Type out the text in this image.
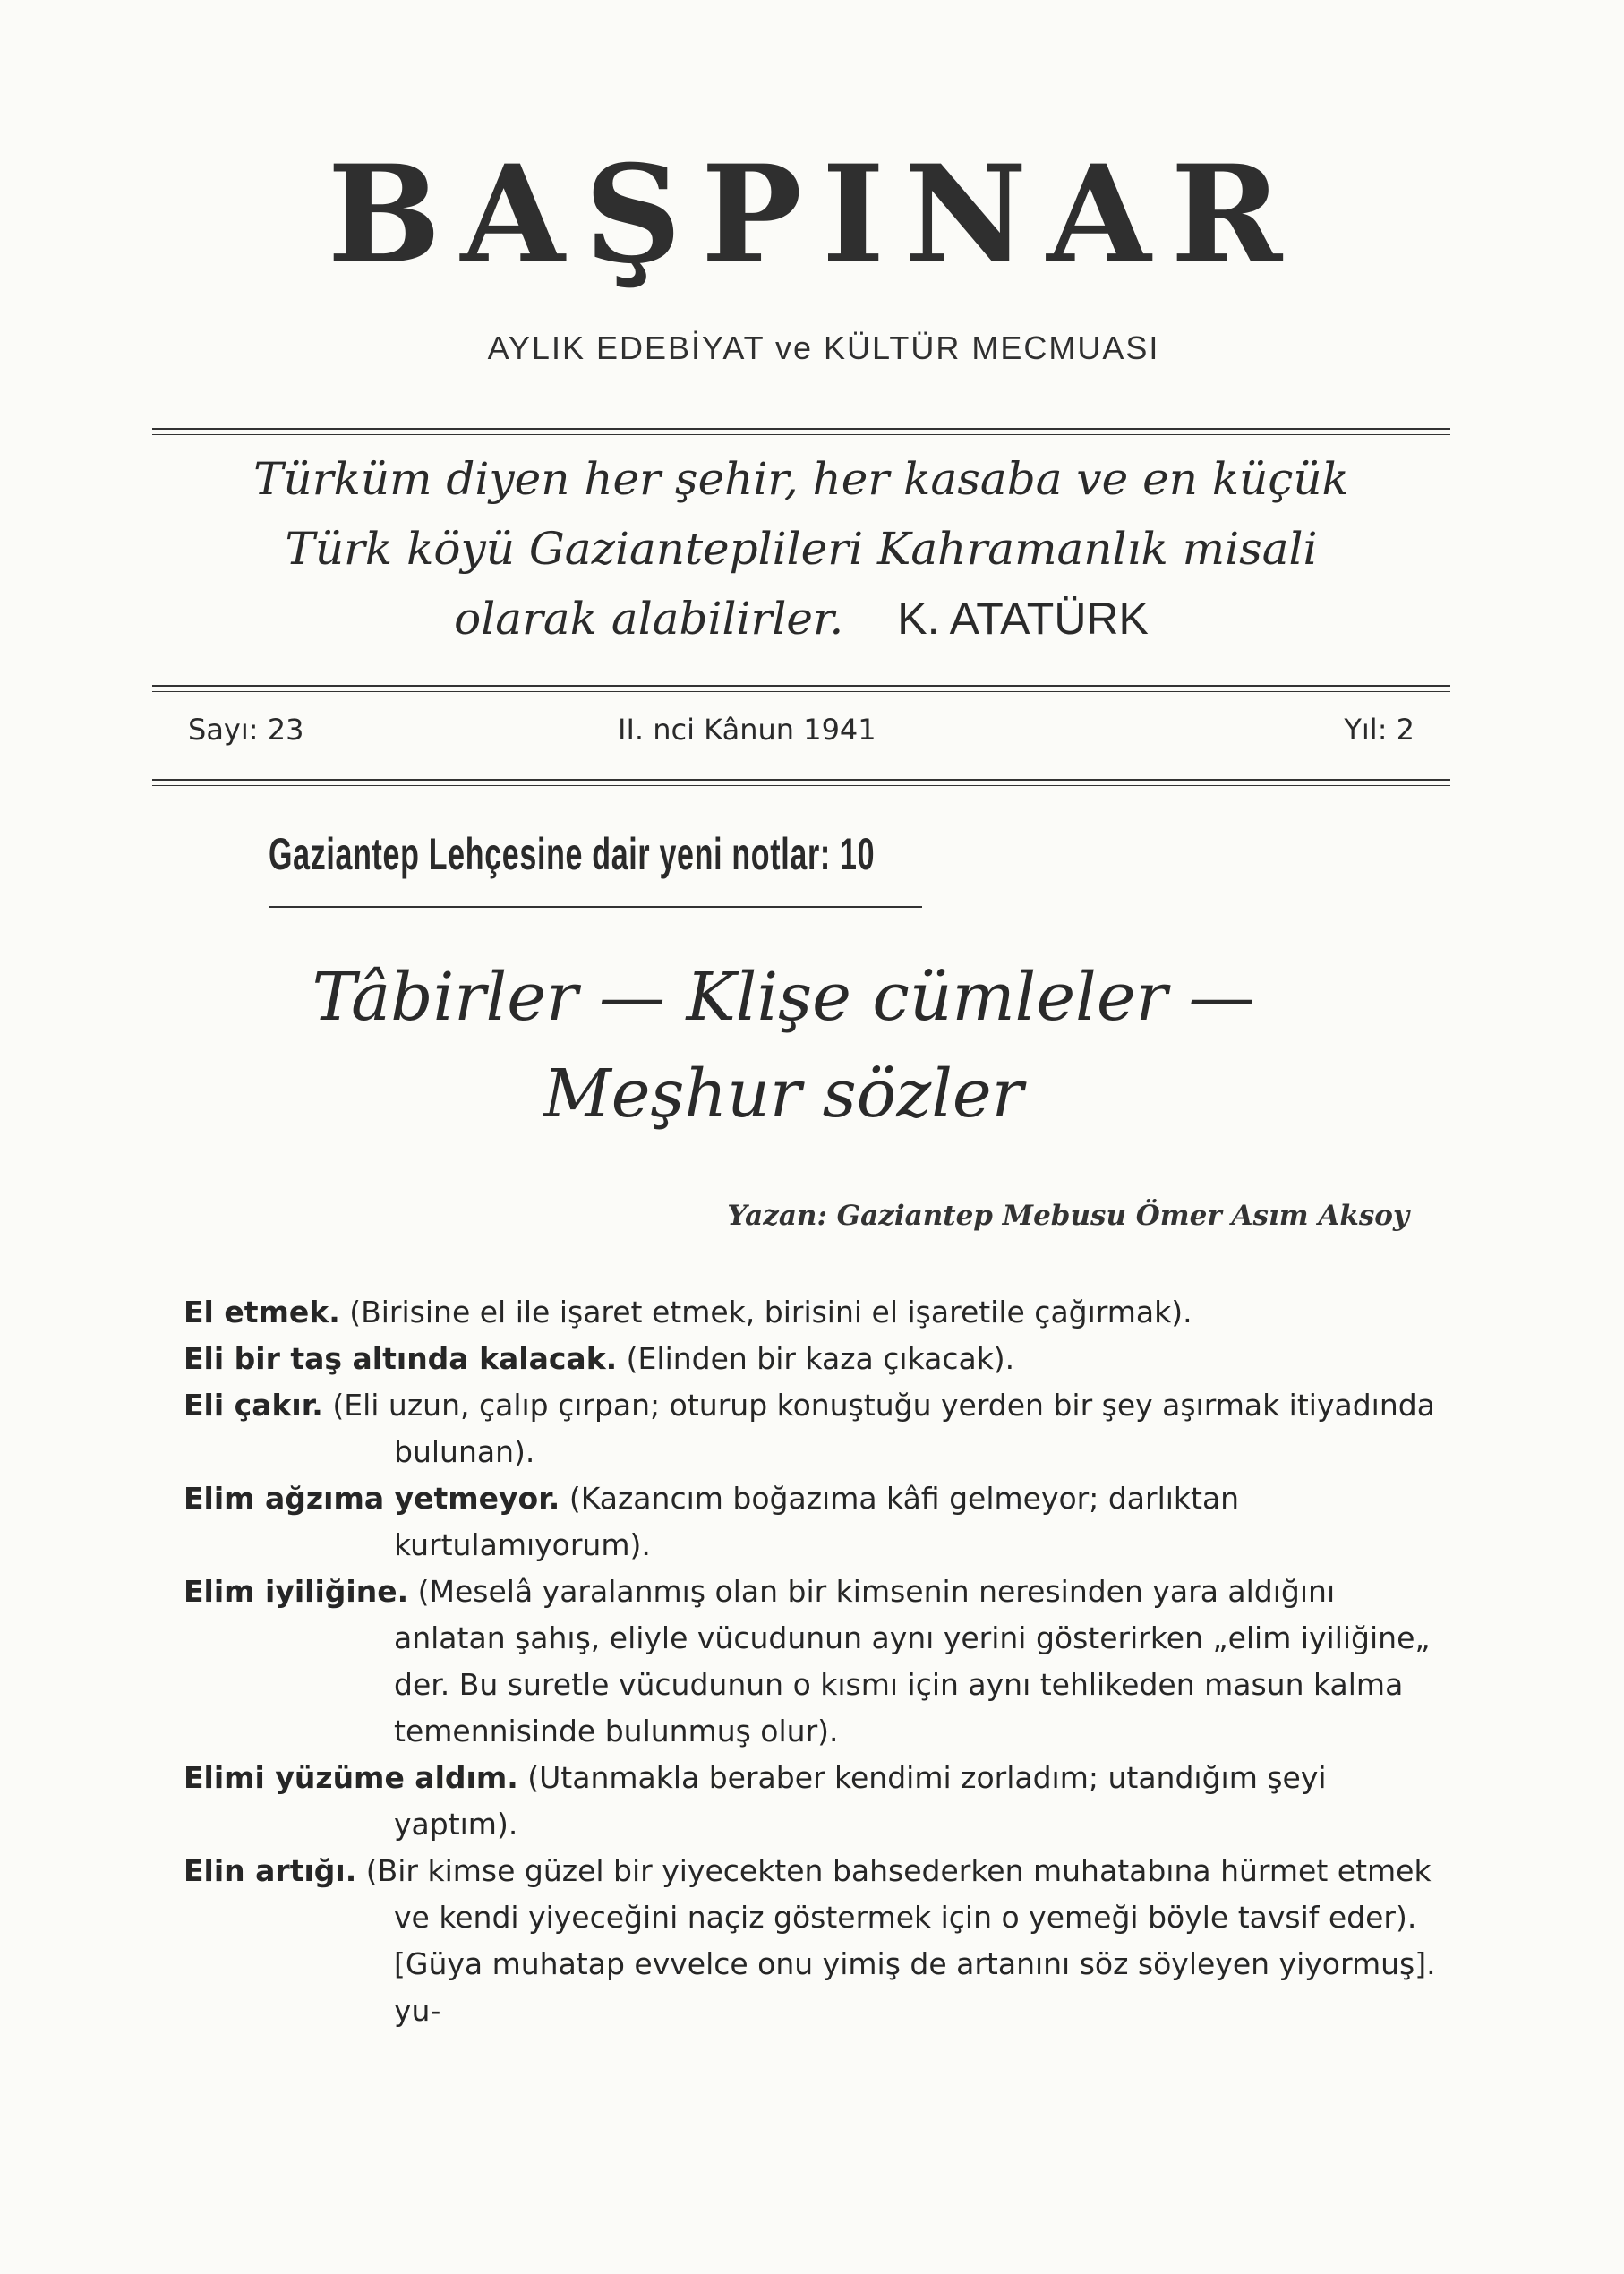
BAŞPINAR
AYLIK EDEBİYAT ve KÜLTÜR MECMUASI
Türküm diyen her şehir, her kasaba ve en küçük
Türk köyü Gazianteplileri Kahramanlık misali
olarak alabilirler. K. ATATÜRK
Sayı: 23	II. nci Kânun 1941	Yıl: 2
Gaziantep Lehçesine dair yeni notlar: 10
Tâbirler — Klişe cümleler —
Meşhur sözler
Yazan: Gaziantep Mebusu Ömer Asım Aksoy
El etmek. (Birisine el ile işaret etmek, birisini el işaretile çağırmak).
Eli bir taş altında kalacak. (Elinden bir kaza çıkacak).
Eli çakır. (Eli uzun, çalıp çırpan; oturup konuştuğu yerden bir şey aşırmak itiyadında bulunan).
Elim ağzıma yetmeyor. (Kazancım boğazıma kâfi gelmeyor; darlıktan kurtulamıyorum).
Elim iyiliğine. (Meselâ yaralanmış olan bir kimsenin neresinden yara aldığını anlatan şahış, eliyle vücudunun aynı yerini gösterirken „elim iyiliğine„ der. Bu suretle vücudunun o kısmı için aynı tehlikeden masun kalma temennisinde bulunmuş olur).
Elimi yüzüme aldım. (Utanmakla beraber kendimi zorladım; utandığım şeyi yaptım).
Elin artığı. (Bir kimse güzel bir yiyecekten bahsederken muhatabına hürmet etmek ve kendi yiyeceğini naçiz göstermek için o yemeği böyle tavsif eder). [Güya muhatap evvelce onu yimiş de artanını söz söyleyen yiyormuş]. yu-
